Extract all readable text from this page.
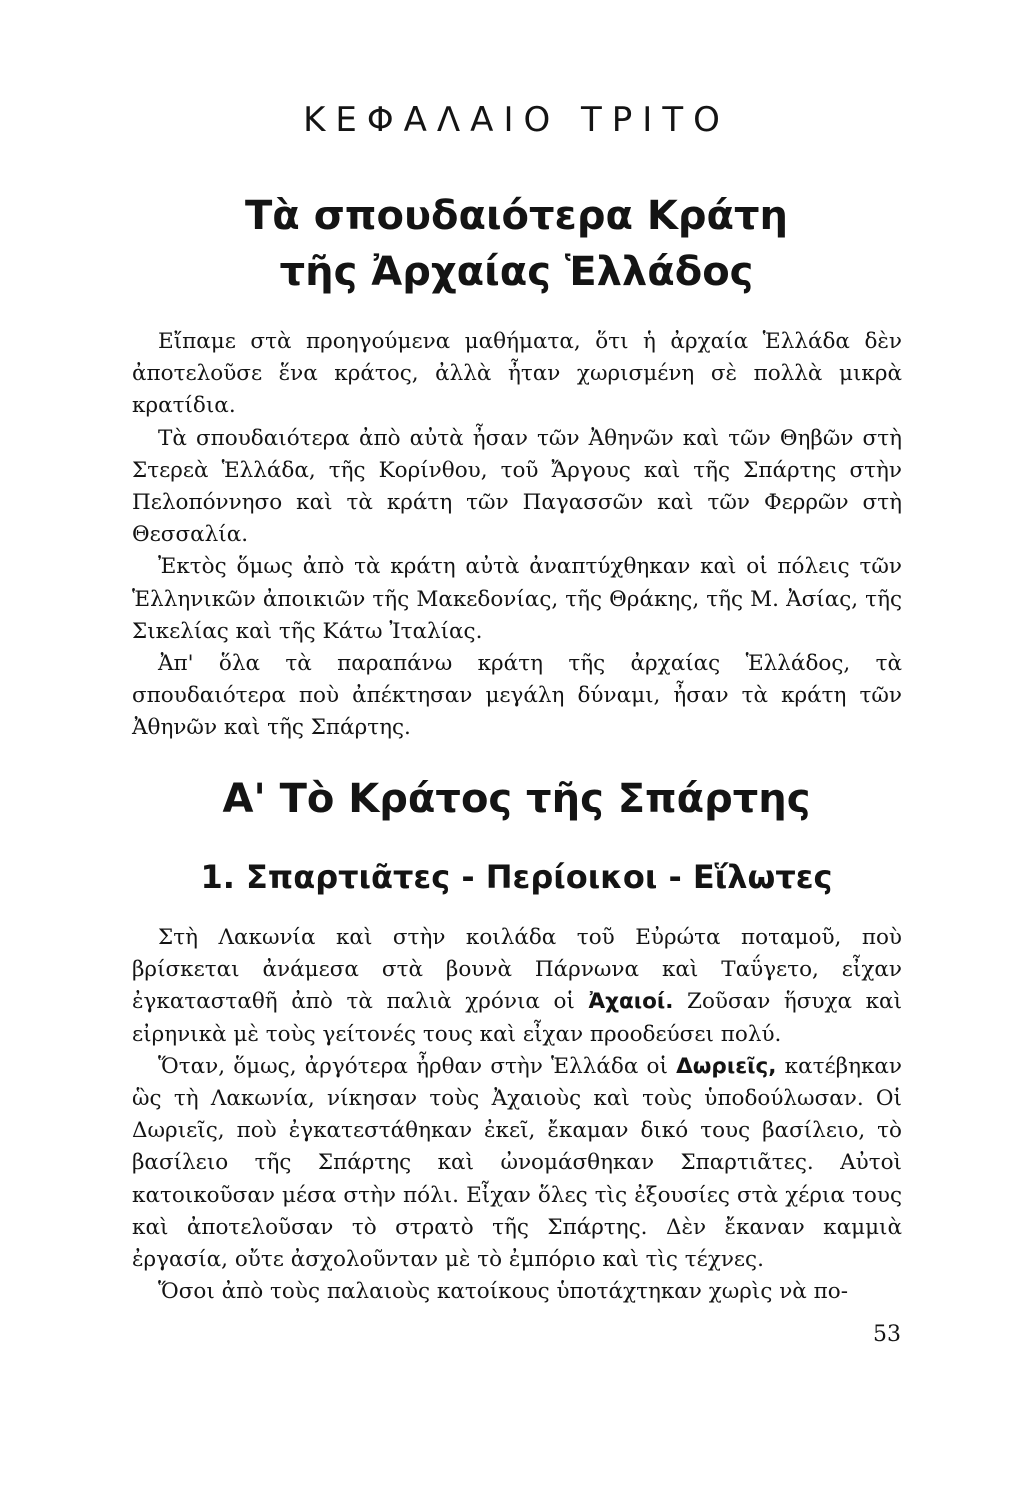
ΚΕΦΑΛΑΙΟ ΤΡΙΤΟ
Τὰ σπουδαιότερα Κράτη
τῆς Ἀρχαίας Ἑλλάδος

Εἴπαμε στὰ προηγούμενα μαθήματα, ὅτι ἡ ἀρχαία Ἑλλάδα δὲν ἀποτελοῦσε ἕνα κράτος, ἀλλὰ ἦταν χωρισμένη σὲ πολλὰ μικρὰ κρατίδια.

Τὰ σπουδαιότερα ἀπὸ αὐτὰ ἦσαν τῶν Ἀθηνῶν καὶ τῶν Θηβῶν στὴ Στερεὰ Ἑλλάδα, τῆς Κορίνθου, τοῦ Ἄργους καὶ τῆς Σπάρτης στὴν Πελοπόννησο καὶ τὰ κράτη τῶν Παγασσῶν καὶ τῶν Φερρῶν στὴ Θεσσαλία.

Ἐκτὸς ὅμως ἀπὸ τὰ κράτη αὐτὰ ἀναπτύχθηκαν καὶ οἱ πόλεις τῶν Ἑλληνικῶν ἀποικιῶν τῆς Μακεδονίας, τῆς Θράκης, τῆς Μ. Ἀσίας, τῆς Σικελίας καὶ τῆς Κάτω Ἰταλίας.

Ἀπ' ὅλα τὰ παραπάνω κράτη τῆς ἀρχαίας Ἑλλάδος, τὰ σπουδαιότερα ποὺ ἀπέκτησαν μεγάλη δύναμι, ἦσαν τὰ κράτη τῶν Ἀθηνῶν καὶ τῆς Σπάρτης.

Α' Τὸ Κράτος τῆς Σπάρτης
1. Σπαρτιᾶτες - Περίοικοι - Εἵλωτες

Στὴ Λακωνία καὶ στὴν κοιλάδα τοῦ Εὐρώτα ποταμοῦ, ποὺ βρίσκεται ἀνάμεσα στὰ βουνὰ Πάρνωνα καὶ Ταΰγετο, εἶχαν ἐγκατασταθῆ ἀπὸ τὰ παλιὰ χρόνια οἱ Ἀχαιοί. Ζοῦσαν ἥσυχα καὶ εἰρηνικὰ μὲ τοὺς γείτονές τους καὶ εἶχαν προοδεύσει πολύ.

Ὅταν, ὅμως, ἀργότερα ἦρθαν στὴν Ἑλλάδα οἱ Δωριεῖς, κατέβηκαν ὣς τὴ Λακωνία, νίκησαν τοὺς Ἀχαιοὺς καὶ τοὺς ὑποδούλωσαν. Οἱ Δωριεῖς, ποὺ ἐγκατεστάθηκαν ἐκεῖ, ἔκαμαν δικό τους βασίλειο, τὸ βασίλειο τῆς Σπάρτης καὶ ὠνομάσθηκαν Σπαρτιᾶτες. Αὐτοὶ κατοικοῦσαν μέσα στὴν πόλι. Εἶχαν ὅλες τὶς ἐξουσίες στὰ χέρια τους καὶ ἀποτελοῦσαν τὸ στρατὸ τῆς Σπάρτης. Δὲν ἔκαναν καμμιὰ ἐργασία, οὔτε ἀσχολοῦνταν μὲ τὸ ἐμπόριο καὶ τὶς τέχνες.

Ὅσοι ἀπὸ τοὺς παλαιοὺς κατοίκους ὑποτάχτηκαν χωρὶς νὰ πο-

53
